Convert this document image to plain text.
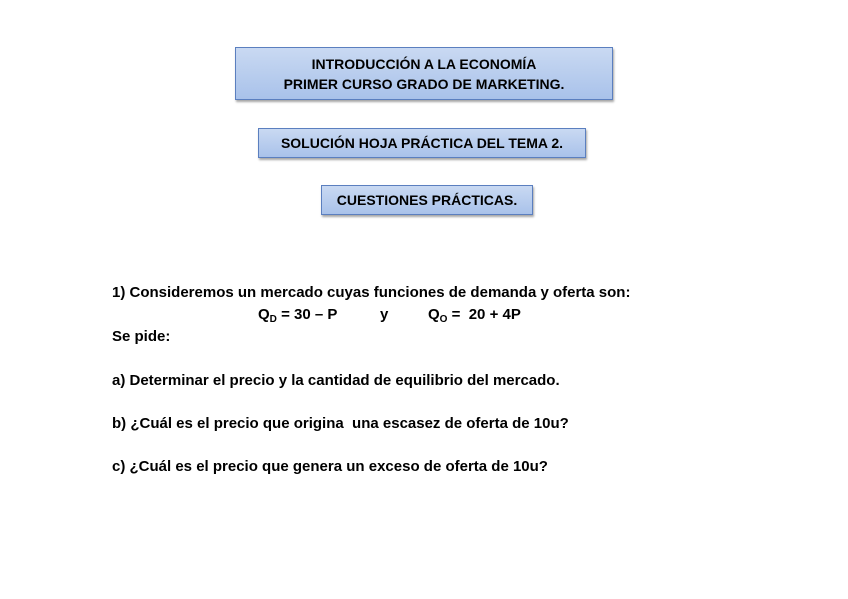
INTRODUCCIÓN A LA ECONOMÍA
PRIMER CURSO GRADO DE MARKETING.
SOLUCIÓN HOJA PRÁCTICA DEL TEMA 2.
CUESTIONES PRÁCTICAS.
1) Consideremos un mercado cuyas funciones de demanda y oferta son:
$Q_D = 30 - P$	y	$Q_O = 20 + 4P$
Se pide:
a) Determinar el precio y la cantidad de equilibrio del mercado.
b) ¿Cuál es el precio que origina  una escasez de oferta de 10u?
c) ¿Cuál es el precio que genera un exceso de oferta de 10u?
